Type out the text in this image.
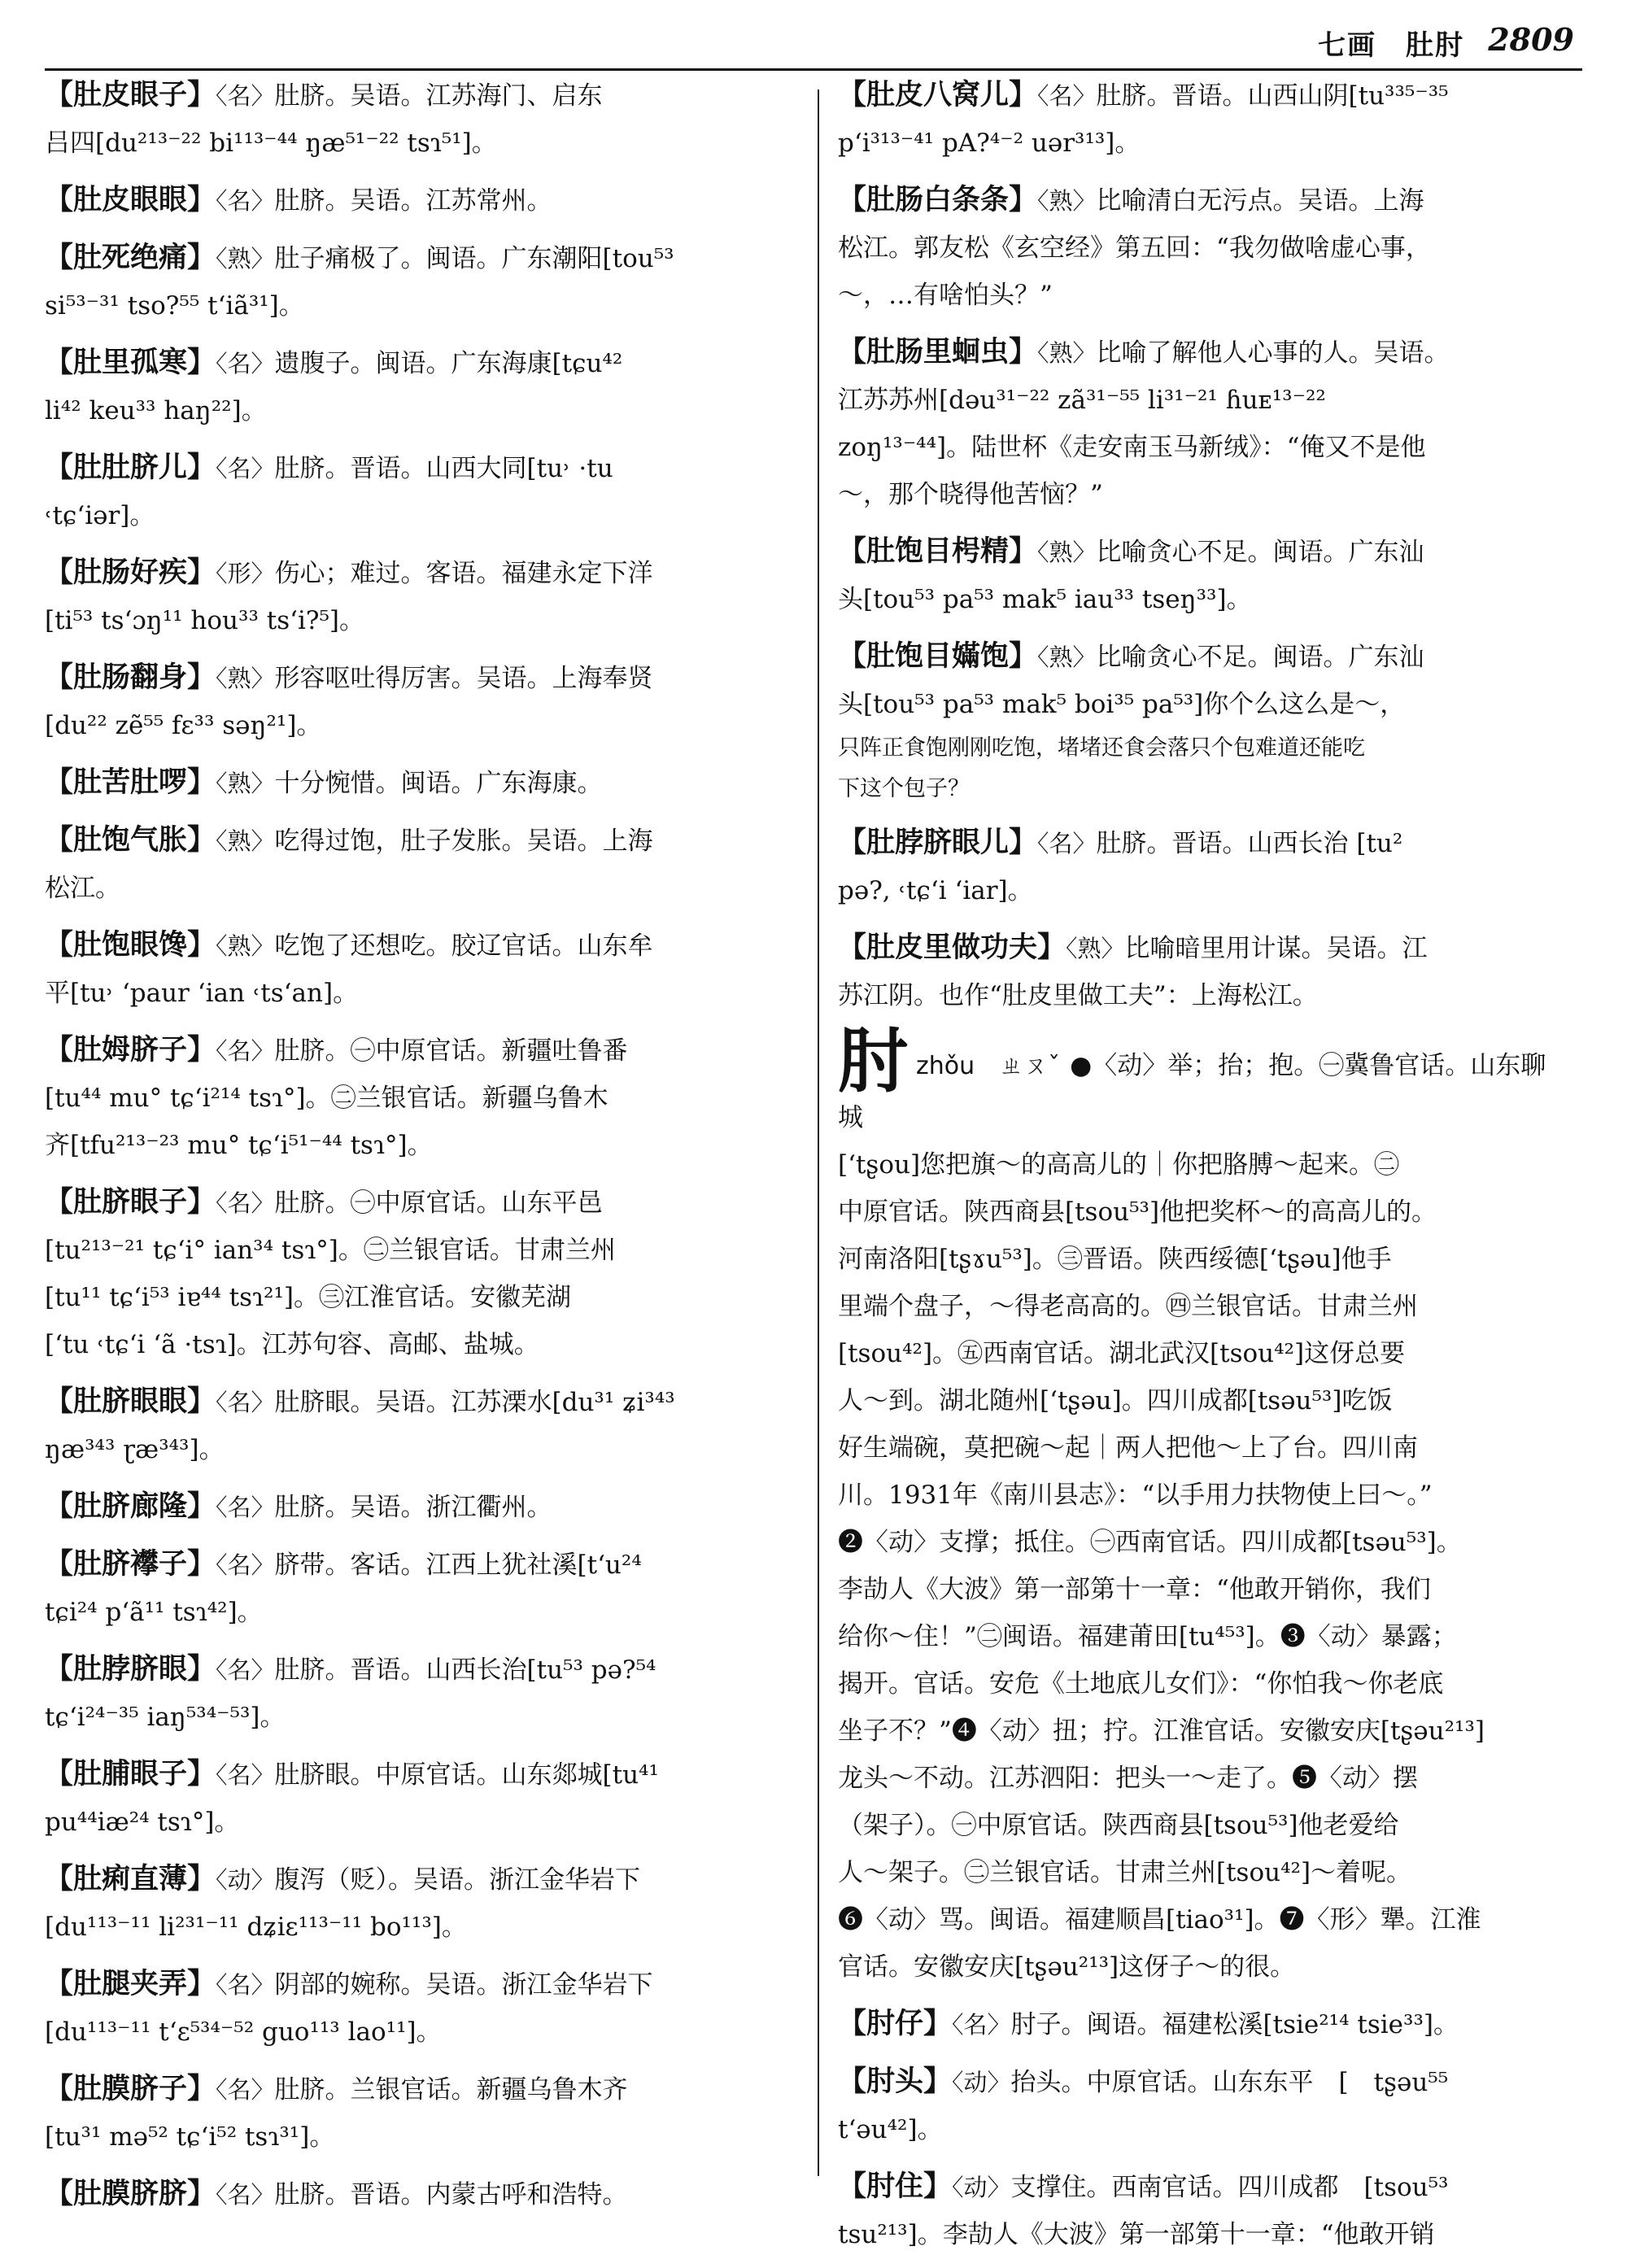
七画　肚肘 2809
【肚皮眼子】〈名〉肚脐。吴语。江苏海门、启东
吕四[du²¹³⁻²² bi¹¹³⁻⁴⁴ ŋæ⁵¹⁻²² tsɿ⁵¹]。
【肚皮眼眼】〈名〉肚脐。吴语。江苏常州。
【肚死绝痛】〈熟〉肚子痛极了。闽语。广东潮阳[tou⁵³
si⁵³⁻³¹ tso?⁵⁵ t‘iã³¹]。
【肚里孤寒】〈名〉遗腹子。闽语。广东海康[tɕu⁴²
li⁴² keu³³ haŋ²²]。
【肚肚脐儿】〈名〉肚脐。晋语。山西大同[tu˒ ·tu
˓tɕ‘iər]。
【肚肠好疾】〈形〉伤心；难过。客语。福建永定下洋
[ti⁵³ ts‘ɔŋ¹¹ hou³³ ts‘i?⁵]。
【肚肠翻身】〈熟〉形容呕吐得厉害。吴语。上海奉贤
[du²² zẽ⁵⁵ fɛ³³ səŋ²¹]。
【肚苦肚啰】〈熟〉十分惋惜。闽语。广东海康。
【肚饱气胀】〈熟〉吃得过饱，肚子发胀。吴语。上海
松江。
【肚饱眼馋】〈熟〉吃饱了还想吃。胶辽官话。山东牟
平[tu˒ ‘paur ‘ian ˓ts‘an]。
【肚姆脐子】〈名〉肚脐。㊀中原官话。新疆吐鲁番
[tu⁴⁴ mu° tɕ‘i²¹⁴ tsɿ°]。㊁兰银官话。新疆乌鲁木
齐[tfu²¹³⁻²³ mu° tɕ‘i⁵¹⁻⁴⁴ tsɿ°]。
【肚脐眼子】〈名〉肚脐。㊀中原官话。山东平邑
[tu²¹³⁻²¹ tɕ‘i° ian³⁴ tsɿ°]。㊁兰银官话。甘肃兰州
[tu¹¹ tɕ‘i⁵³ iɐ⁴⁴ tsɿ²¹]。㊂江淮官话。安徽芜湖
[‘tu ˓tɕ‘i ‘ã ·tsɿ]。江苏句容、高邮、盐城。
【肚脐眼眼】〈名〉肚脐眼。吴语。江苏溧水[du³¹ ʑi³⁴³
ŋæ³⁴³ ɽæ³⁴³]。
【肚脐廊隆】〈名〉肚脐。吴语。浙江衢州。
【肚脐襻子】〈名〉脐带。客话。江西上犹社溪[t‘u²⁴
tɕi²⁴ p‘ã¹¹ tsɿ⁴²]。
【肚脖脐眼】〈名〉肚脐。晋语。山西长治[tu⁵³ pə?⁵⁴
tɕ‘i²⁴⁻³⁵ iaŋ⁵³⁴⁻⁵³]。
【肚脯眼子】〈名〉肚脐眼。中原官话。山东郯城[tu⁴¹
pu⁴⁴iæ²⁴ tsɿ°]。
【肚痢直薄】〈动〉腹泻（贬）。吴语。浙江金华岩下
[du¹¹³⁻¹¹ li²³¹⁻¹¹ dʑiɛ¹¹³⁻¹¹ bo¹¹³]。
【肚腿夹弄】〈名〉阴部的婉称。吴语。浙江金华岩下
[du¹¹³⁻¹¹ t‘ɛ⁵³⁴⁻⁵² guo¹¹³ lao¹¹]。
【肚膜脐子】〈名〉肚脐。兰银官话。新疆乌鲁木齐
[tu³¹ mə⁵² tɕ‘i⁵² tsɿ³¹]。
【肚膜脐脐】〈名〉肚脐。晋语。内蒙古呼和浩特。
【肚皮八窝儿】〈名〉肚脐。晋语。山西山阴[tu³³⁵⁻³⁵
p‘i³¹³⁻⁴¹ pA?⁴⁻² uər³¹³]。
【肚肠白条条】〈熟〉比喻清白无污点。吴语。上海
松江。郭友松《玄空经》第五回：“我勿做啥虚心事，
～，…有啥怕头？”
【肚肠里蛔虫】〈熟〉比喻了解他人心事的人。吴语。
江苏苏州[dəu³¹⁻²² zã³¹⁻⁵⁵ li³¹⁻²¹ ɦuᴇ¹³⁻²²
zoŋ¹³⁻⁴⁴]。陆世杯《走安南玉马新绒》：“俺又不是他
～，那个晓得他苦恼？”
【肚饱目枵精】〈熟〉比喻贪心不足。闽语。广东汕
头[tou⁵³ pa⁵³ mak⁵ iau³³ tseŋ³³]。
【肚饱目𡠪饱】〈熟〉比喻贪心不足。闽语。广东汕
头[tou⁵³ pa⁵³ mak⁵ boi³⁵ pa⁵³]你个么这么是～，
只阵正食饱刚刚吃饱，堵堵还食会落只个包难道还能吃
下这个包子？
【肚脖脐眼儿】〈名〉肚脐。晋语。山西长治 [tu²
pə?, ˓tɕ‘i ‘iar]。
【肚皮里做功夫】〈熟〉比喻暗里用计谋。吴语。江
苏江阴。也作“肚皮里做工夫”：上海松江。
肘zhǒu　ㄓㄡˇ ●〈动〉举；抬；抱。㊀冀鲁官话。山东聊城
[‘tʂou]您把旗～的高高儿的｜你把胳膊～起来。㊁
中原官话。陕西商县[tsou⁵³]他把奖杯～的高高儿的。
河南洛阳[tʂɤu⁵³]。㊂晋语。陕西绥德[‘tʂəu]他手
里端个盘子，～得老高高的。㊃兰银官话。甘肃兰州
[tsou⁴²]。㊄西南官话。湖北武汉[tsou⁴²]这伢总要
人～到。湖北随州[‘tʂəu]。四川成都[tsəu⁵³]吃饭
好生端碗，莫把碗～起｜两人把他～上了台。四川南
川。1931年《南川县志》：“以手用力扶物使上曰～。”
❷〈动〉支撑；抵住。㊀西南官话。四川成都[tsəu⁵³]。
李劼人《大波》第一部第十一章：“他敢开销你，我们
给你～住！”㊁闽语。福建莆田[tu⁴⁵³]。❸〈动〉暴露；
揭开。官话。安危《土地底儿女们》：“你怕我～你老底
坐子不？”❹〈动〉扭；拧。江淮官话。安徽安庆[tʂəu²¹³]
龙头～不动。江苏泗阳：把头一～走了。❺〈动〉摆
（架子）。㊀中原官话。陕西商县[tsou⁵³]他老爱给
人～架子。㊁兰银官话。甘肃兰州[tsou⁴²]～着呢。
❻〈动〉骂。闽语。福建顺昌[tiao³¹]。❼〈形〉犟。江淮
官话。安徽安庆[tʂəu²¹³]这伢子～的很。
【肘仔】〈名〉肘子。闽语。福建松溪[tsie²¹⁴ tsie³³]。
【肘头】〈动〉抬头。中原官话。山东东平　[　tʂəu⁵⁵
t‘əu⁴²]。
【肘住】〈动〉支撑住。西南官话。四川成都　[tsou⁵³
tsu²¹³]。李劼人《大波》第一部第十一章：“他敢开销
